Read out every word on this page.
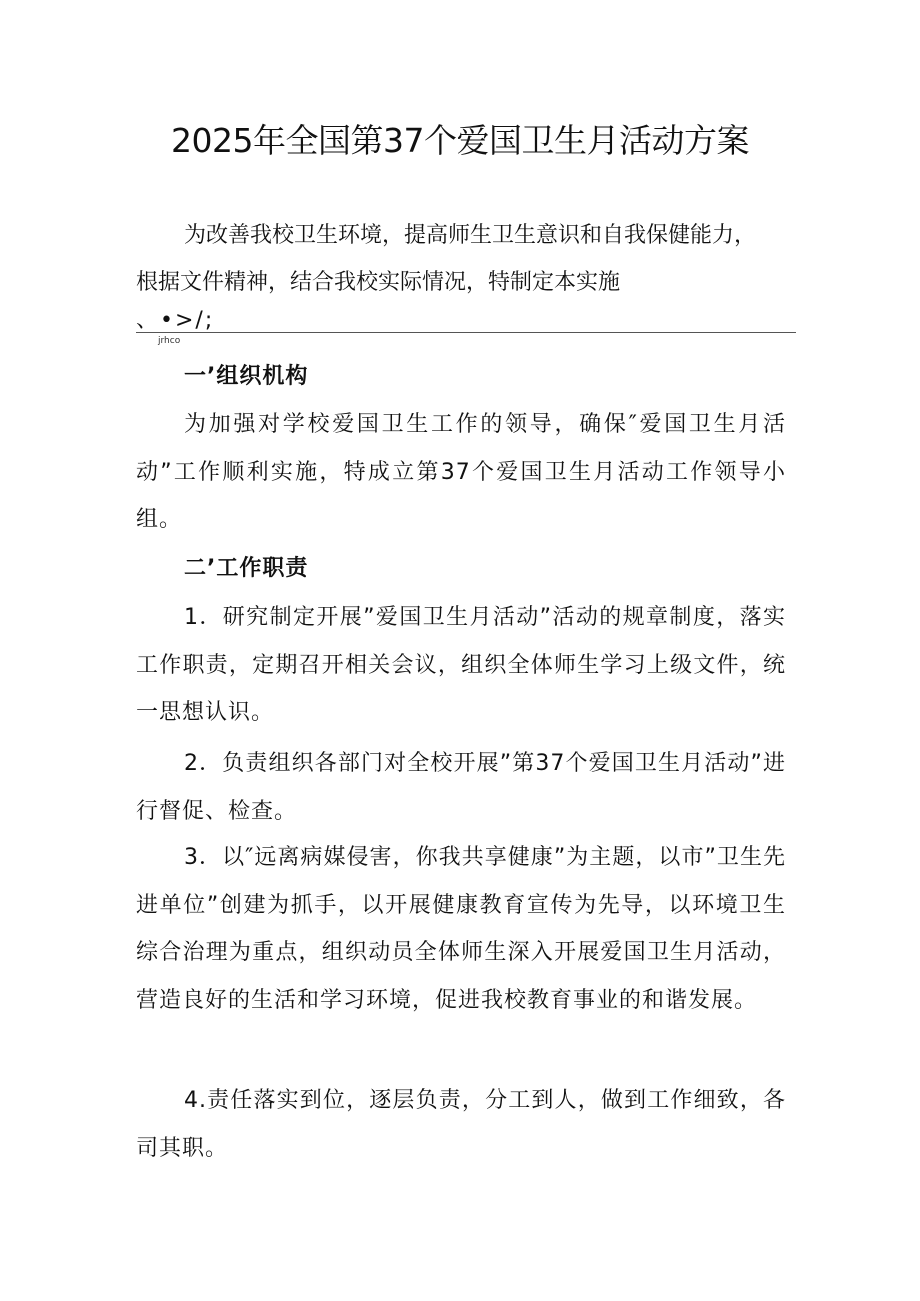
2025年全国第37个爱国卫生月活动方案
为改善我校卫生环境，提高师生卫生意识和自我保健能力，
根据文件精神，结合我校实际情况，特制定本实施
、•>/;
jrhco
一’组织机构
为加强对学校爱国卫生工作的领导，确保″爱国卫生月活动”工作顺利实施，特成立第37个爱国卫生月活动工作领导小组。
二’工作职责
1．研究制定开展”爱国卫生月活动”活动的规章制度，落实工作职责，定期召开相关会议，组织全体师生学习上级文件，统一思想认识。
2．负责组织各部门对全校开展”第37个爱国卫生月活动”进行督促、检查。
3．以″远离病媒侵害，你我共享健康”为主题，以市”卫生先进单位”创建为抓手，以开展健康教育宣传为先导，以环境卫生综合治理为重点，组织动员全体师生深入开展爱国卫生月活动，营造良好的生活和学习环境，促进我校教育事业的和谐发展。
4.责任落实到位，逐层负责，分工到人，做到工作细致，各司其职。
